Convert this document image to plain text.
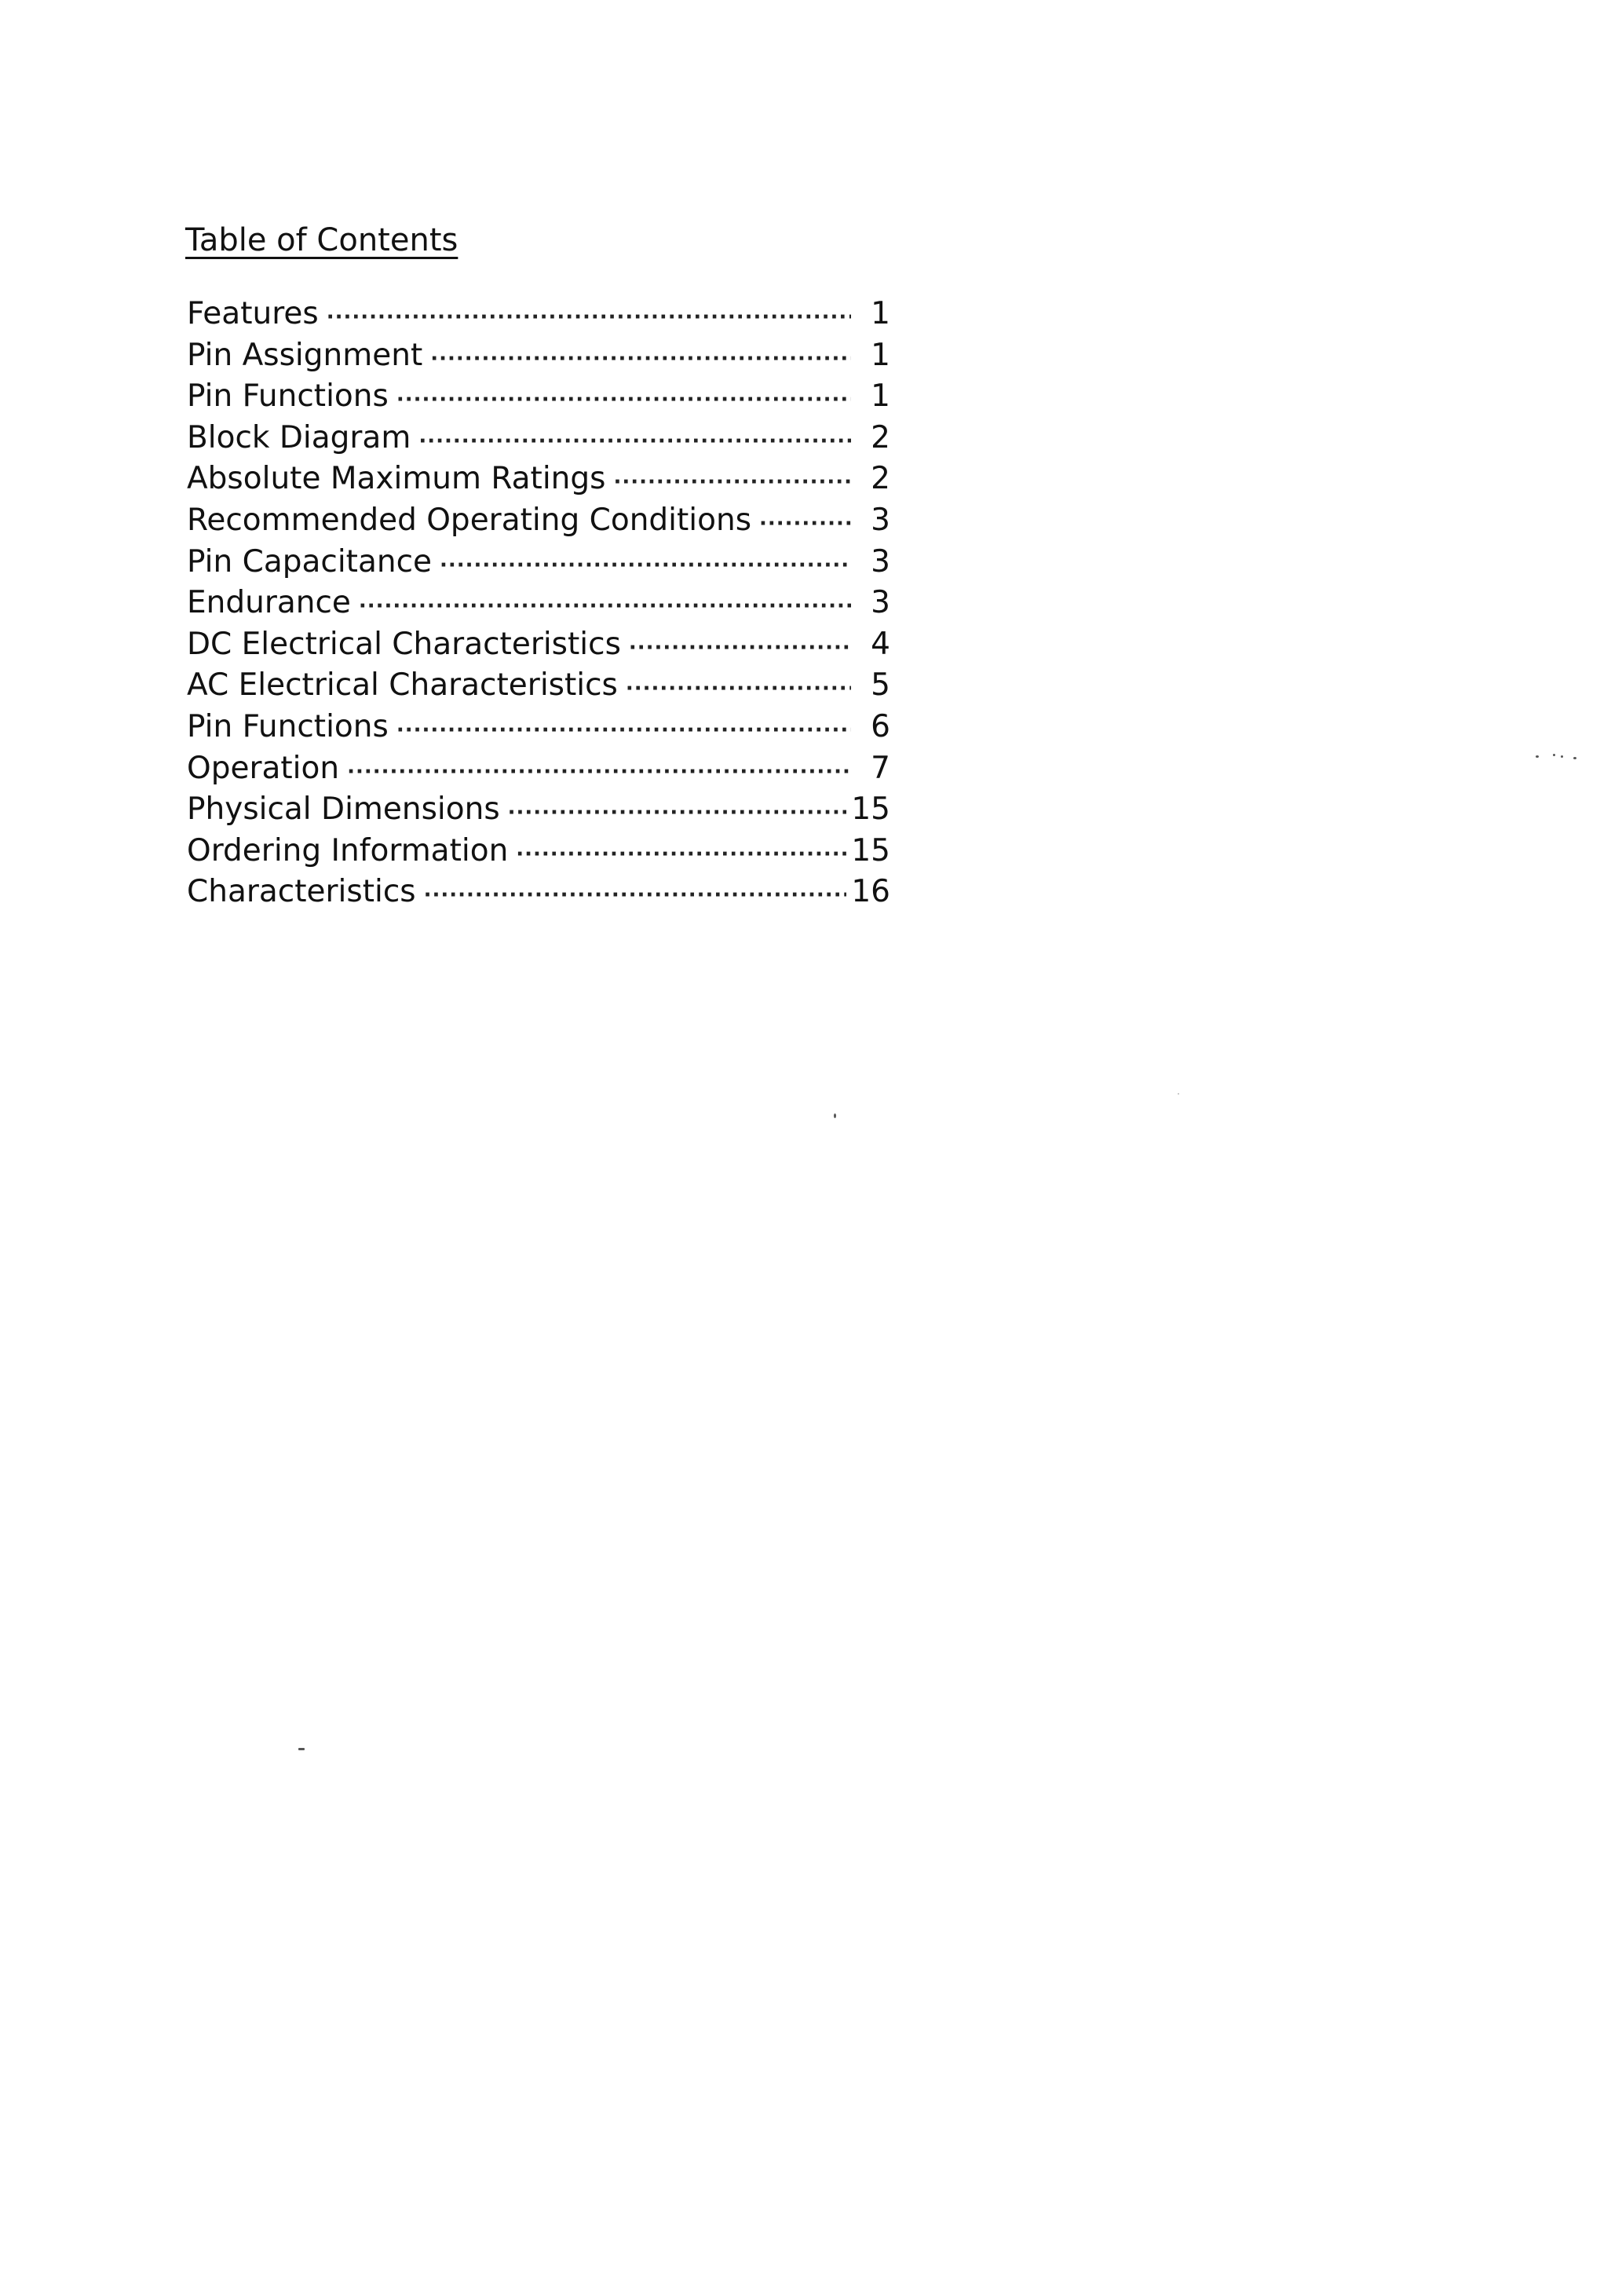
Table of Contents
Features ·····	1
Pin Assignment ·····	1
Pin Functions ·····	1
Block Diagram ·····	2
Absolute Maximum Ratings ·····	2
Recommended Operating Conditions ·····	3
Pin Capacitance ·····	3
Endurance ·····	3
DC Electrical Characteristics ·····	4
AC Electrical Characteristics ·····	5
Pin Functions ·····	6
Operation ·····	7
Physical Dimensions ·····	15
Ordering Information ·····	15
Characteristics ·····	16
